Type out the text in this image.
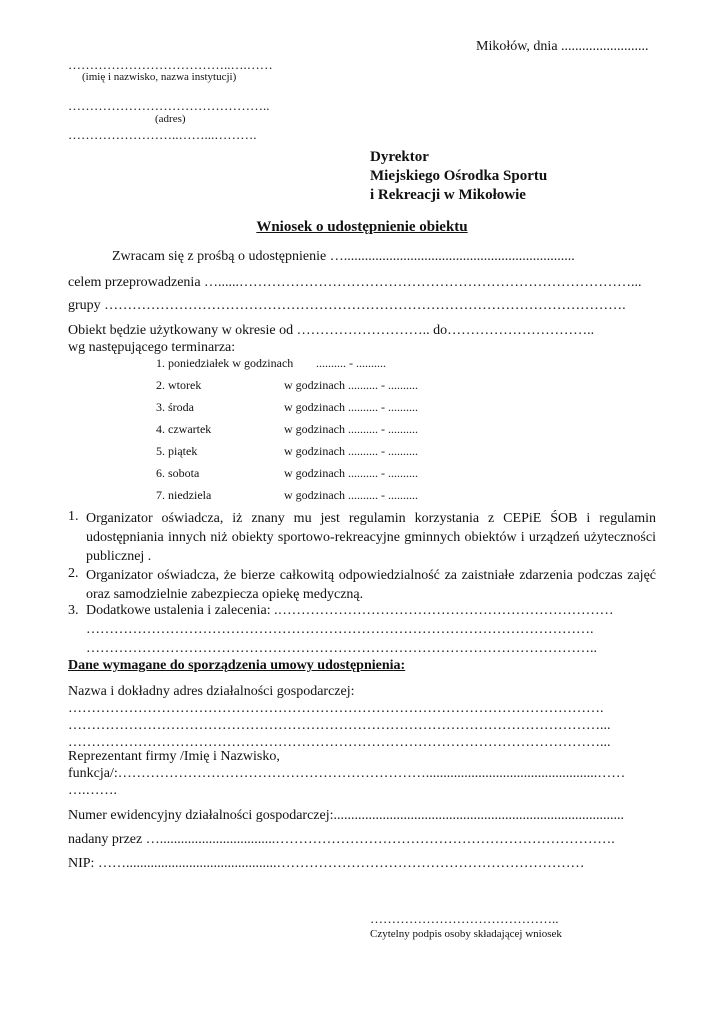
Mikołów, dnia .........................
………………………………..….……
(imię i nazwisko, nazwa instytucji)
………………………………………..
(adres)
……………………..……...……….
Dyrektor
Miejskiego Ośrodka Sportu
i Rekreacji w Mikołowie
Wniosek o udostępnienie obiektu
Zwracam się z prośbą o udostępnienie …..................................................................
celem przeprowadzenia …......…………………………………………………………………………...
grupy ………………………………………………………………………………………………….
Obiekt będzie użytkowany w okresie od ……………………….. do…………………………..
wg następującego terminarza:
1. poniedziałek w godzinach .......... - ..........
2. wtorek	w godzinach .......... - ..........
3. środa	w godzinach .......... - ..........
4. czwartek	w godzinach .......... - ..........
5. piątek	w godzinach .......... - ..........
6. sobota	w godzinach .......... - ..........
7. niedziela	w godzinach .......... - ..........
1. Organizator oświadcza, iż znany mu jest regulamin korzystania z CEPiE ŚOB i regulamin udostępniania innych niż obiekty sportowo-rekreacyjne gminnych obiektów i urządzeń użyteczności publicznej .
2. Organizator oświadcza, że bierze całkowitą odpowiedzialność za zaistniałe zdarzenia podczas zajęć oraz samodzielnie zabezpiecza opiekę medyczną.
3. Dodatkowe ustalenia i zalecenia: .………………………………………………………………
……………………………………………………………………………………………….
………………………………………………………………………………………………..
Dane wymagane do sporządzenia umowy udostępnienia:
Nazwa i dokładny adres działalności gospodarczej:
…………………………………………………………………………………………………….
……………………………………………………………………………………………………...
……………………………………………………………………………………………………...
Reprezentant firmy /Imię i Nazwisko,
funkcja/:………………………………………………………….................................................……
….…….
Numer ewidencyjny działalności gospodarczej:...................................................................................
nadany przez ….................................……………………………………………………………….
NIP: ……...........................................…………………………………………………………
……………………………………..
Czytelny podpis osoby składającej wniosek
